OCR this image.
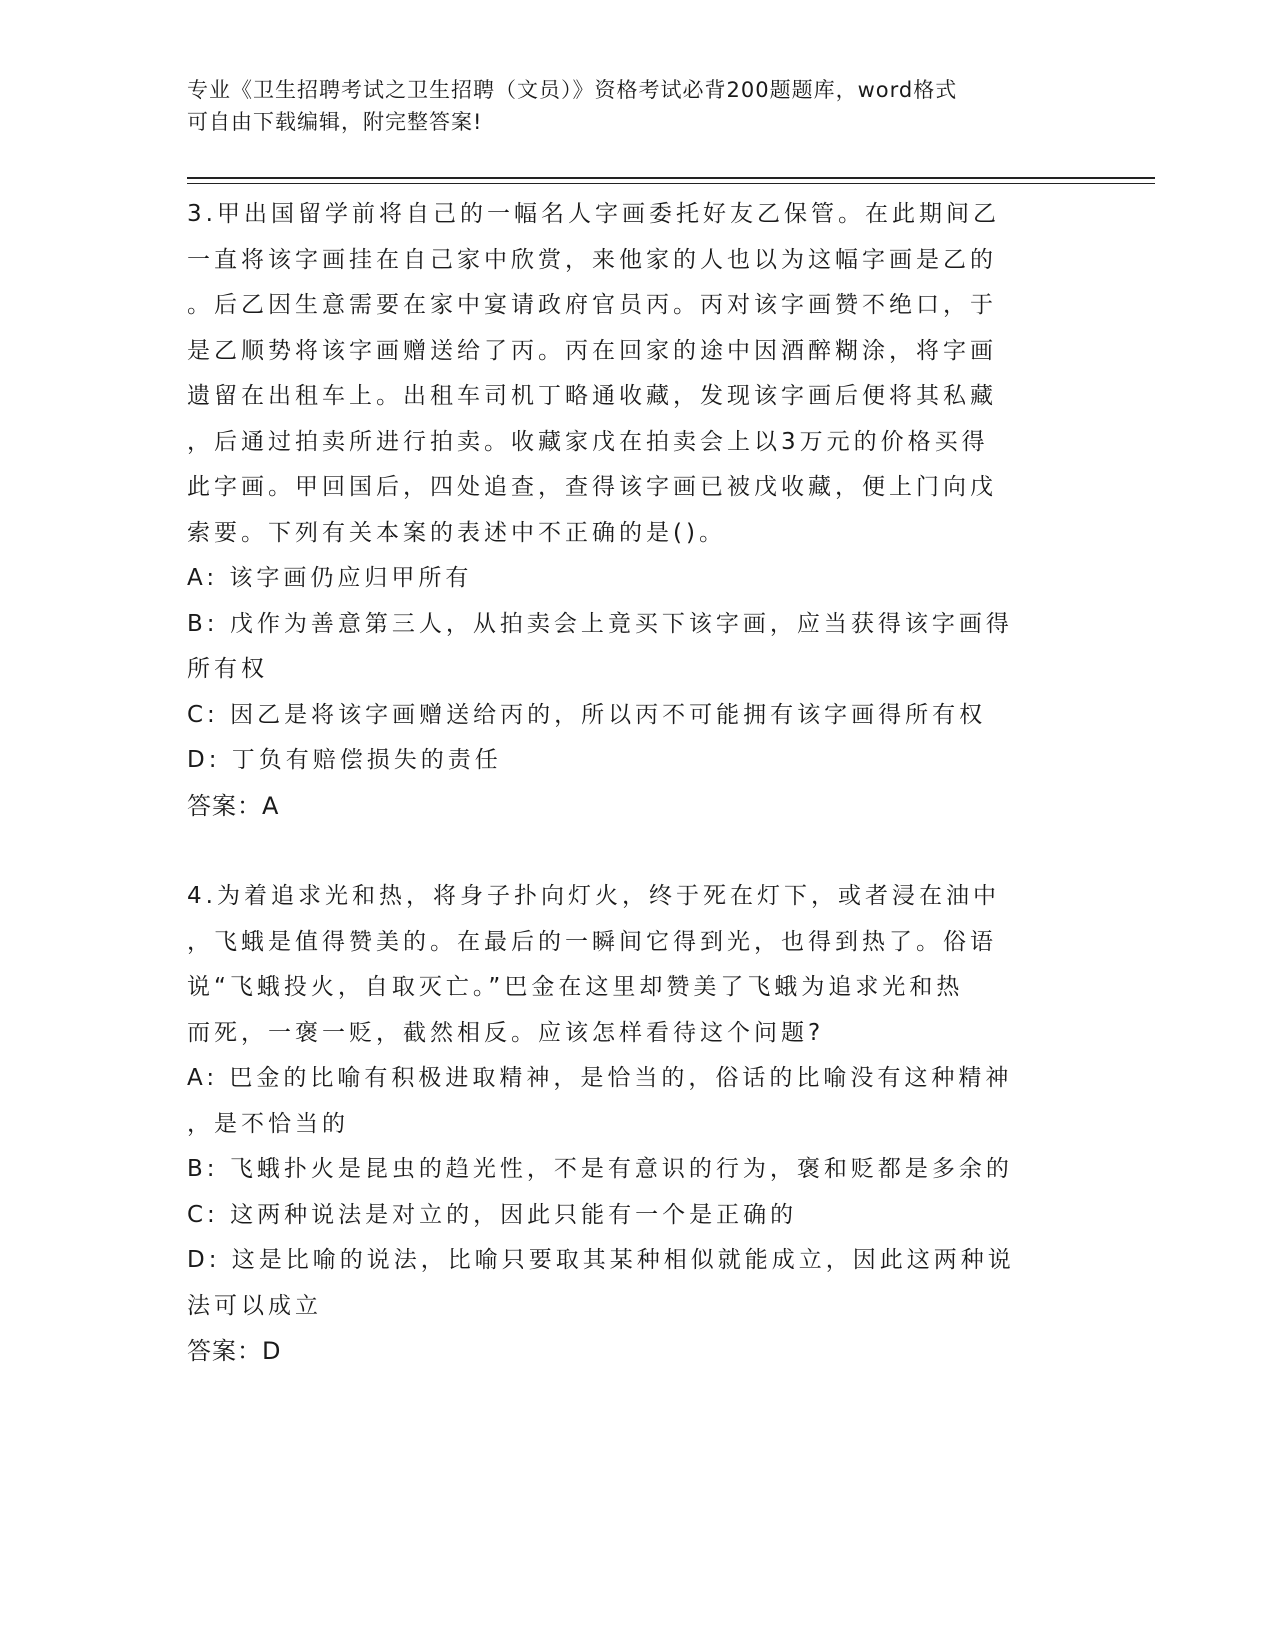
专业《卫生招聘考试之卫生招聘（文员）》资格考试必背200题题库，word格式
可自由下载编辑，附完整答案!

3.甲出国留学前将自己的一幅名人字画委托好友乙保管。在此期间乙

一直将该字画挂在自己家中欣赏，来他家的人也以为这幅字画是乙的

。后乙因生意需要在家中宴请政府官员丙。丙对该字画赞不绝口，于

是乙顺势将该字画赠送给了丙。丙在回家的途中因酒醉糊涂，将字画

遗留在出租车上。出租车司机丁略通收藏，发现该字画后便将其私藏

，后通过拍卖所进行拍卖。收藏家戊在拍卖会上以3万元的价格买得

此字画。甲回国后，四处追查，查得该字画已被戊收藏，便上门向戊

索要。下列有关本案的表述中不正确的是()。

A: 该字画仍应归甲所有

B: 戊作为善意第三人，从拍卖会上竟买下该字画，应当获得该字画得

所有权

C: 因乙是将该字画赠送给丙的，所以丙不可能拥有该字画得所有权

D: 丁负有赔偿损失的责任

答案：A

4.为着追求光和热，将身子扑向灯火，终于死在灯下，或者浸在油中

，飞蛾是值得赞美的。在最后的一瞬间它得到光，也得到热了。俗语

说“飞蛾投火，自取灭亡。”巴金在这里却赞美了飞蛾为追求光和热

而死，一褒一贬，截然相反。应该怎样看待这个问题?

A: 巴金的比喻有积极进取精神，是恰当的，俗话的比喻没有这种精神

，是不恰当的

B: 飞蛾扑火是昆虫的趋光性，不是有意识的行为，褒和贬都是多余的

C: 这两种说法是对立的，因此只能有一个是正确的

D: 这是比喻的说法，比喻只要取其某种相似就能成立，因此这两种说

法可以成立

答案：D
